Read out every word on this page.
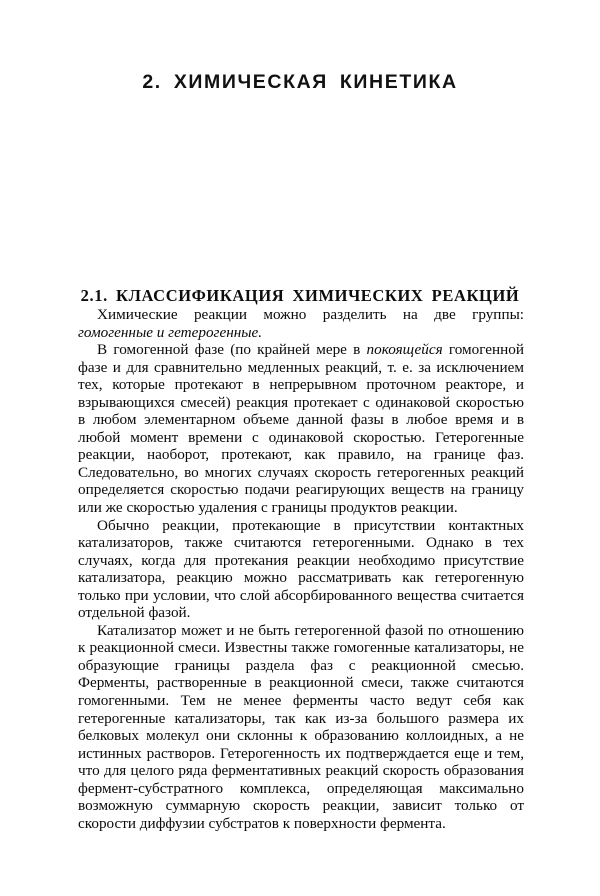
2. ХИМИЧЕСКАЯ КИНЕТИКА
2.1. КЛАССИФИКАЦИЯ ХИМИЧЕСКИХ РЕАКЦИЙ

Химические реакции можно разделить на две группы: гомогенные и гетерогенные.

В гомогенной фазе (по крайней мере в покоящейся гомогенной фазе и для сравнительно медленных реакций, т. е. за исключением тех, которые протекают в непрерывном проточном реакторе, и взрывающихся смесей) реакция протекает с одинаковой скоростью в любом элементарном объеме данной фазы в любое время и в любой момент времени с одинаковой скоростью. Гетерогенные реакции, наоборот, протекают, как правило, на границе фаз. Следовательно, во многих случаях скорость гетерогенных реакций определяется скоростью подачи реагирующих веществ на границу или же скоростью удаления с границы продуктов реакции.

Обычно реакции, протекающие в присутствии контактных катализаторов, также считаются гетерогенными. Однако в тех случаях, когда для протекания реакции необходимо присутствие катализатора, реакцию можно рассматривать как гетерогенную только при условии, что слой абсорбированного вещества считается отдельной фазой.

Катализатор может и не быть гетерогенной фазой по отношению к реакционной смеси. Известны также гомогенные катализаторы, не образующие границы раздела фаз с реакционной смесью. Ферменты, растворенные в реакционной смеси, также считаются гомогенными. Тем не менее ферменты часто ведут себя как гетерогенные катализаторы, так как из-за большого размера их белковых молекул они склонны к образованию коллоидных, а не истинных растворов. Гетерогенность их подтверждается еще и тем, что для целого ряда ферментативных реакций скорость образования фермент-субстратного комплекса, определяющая максимально возможную суммарную скорость реакции, зависит только от скорости диффузии субстратов к поверхности фермента.
